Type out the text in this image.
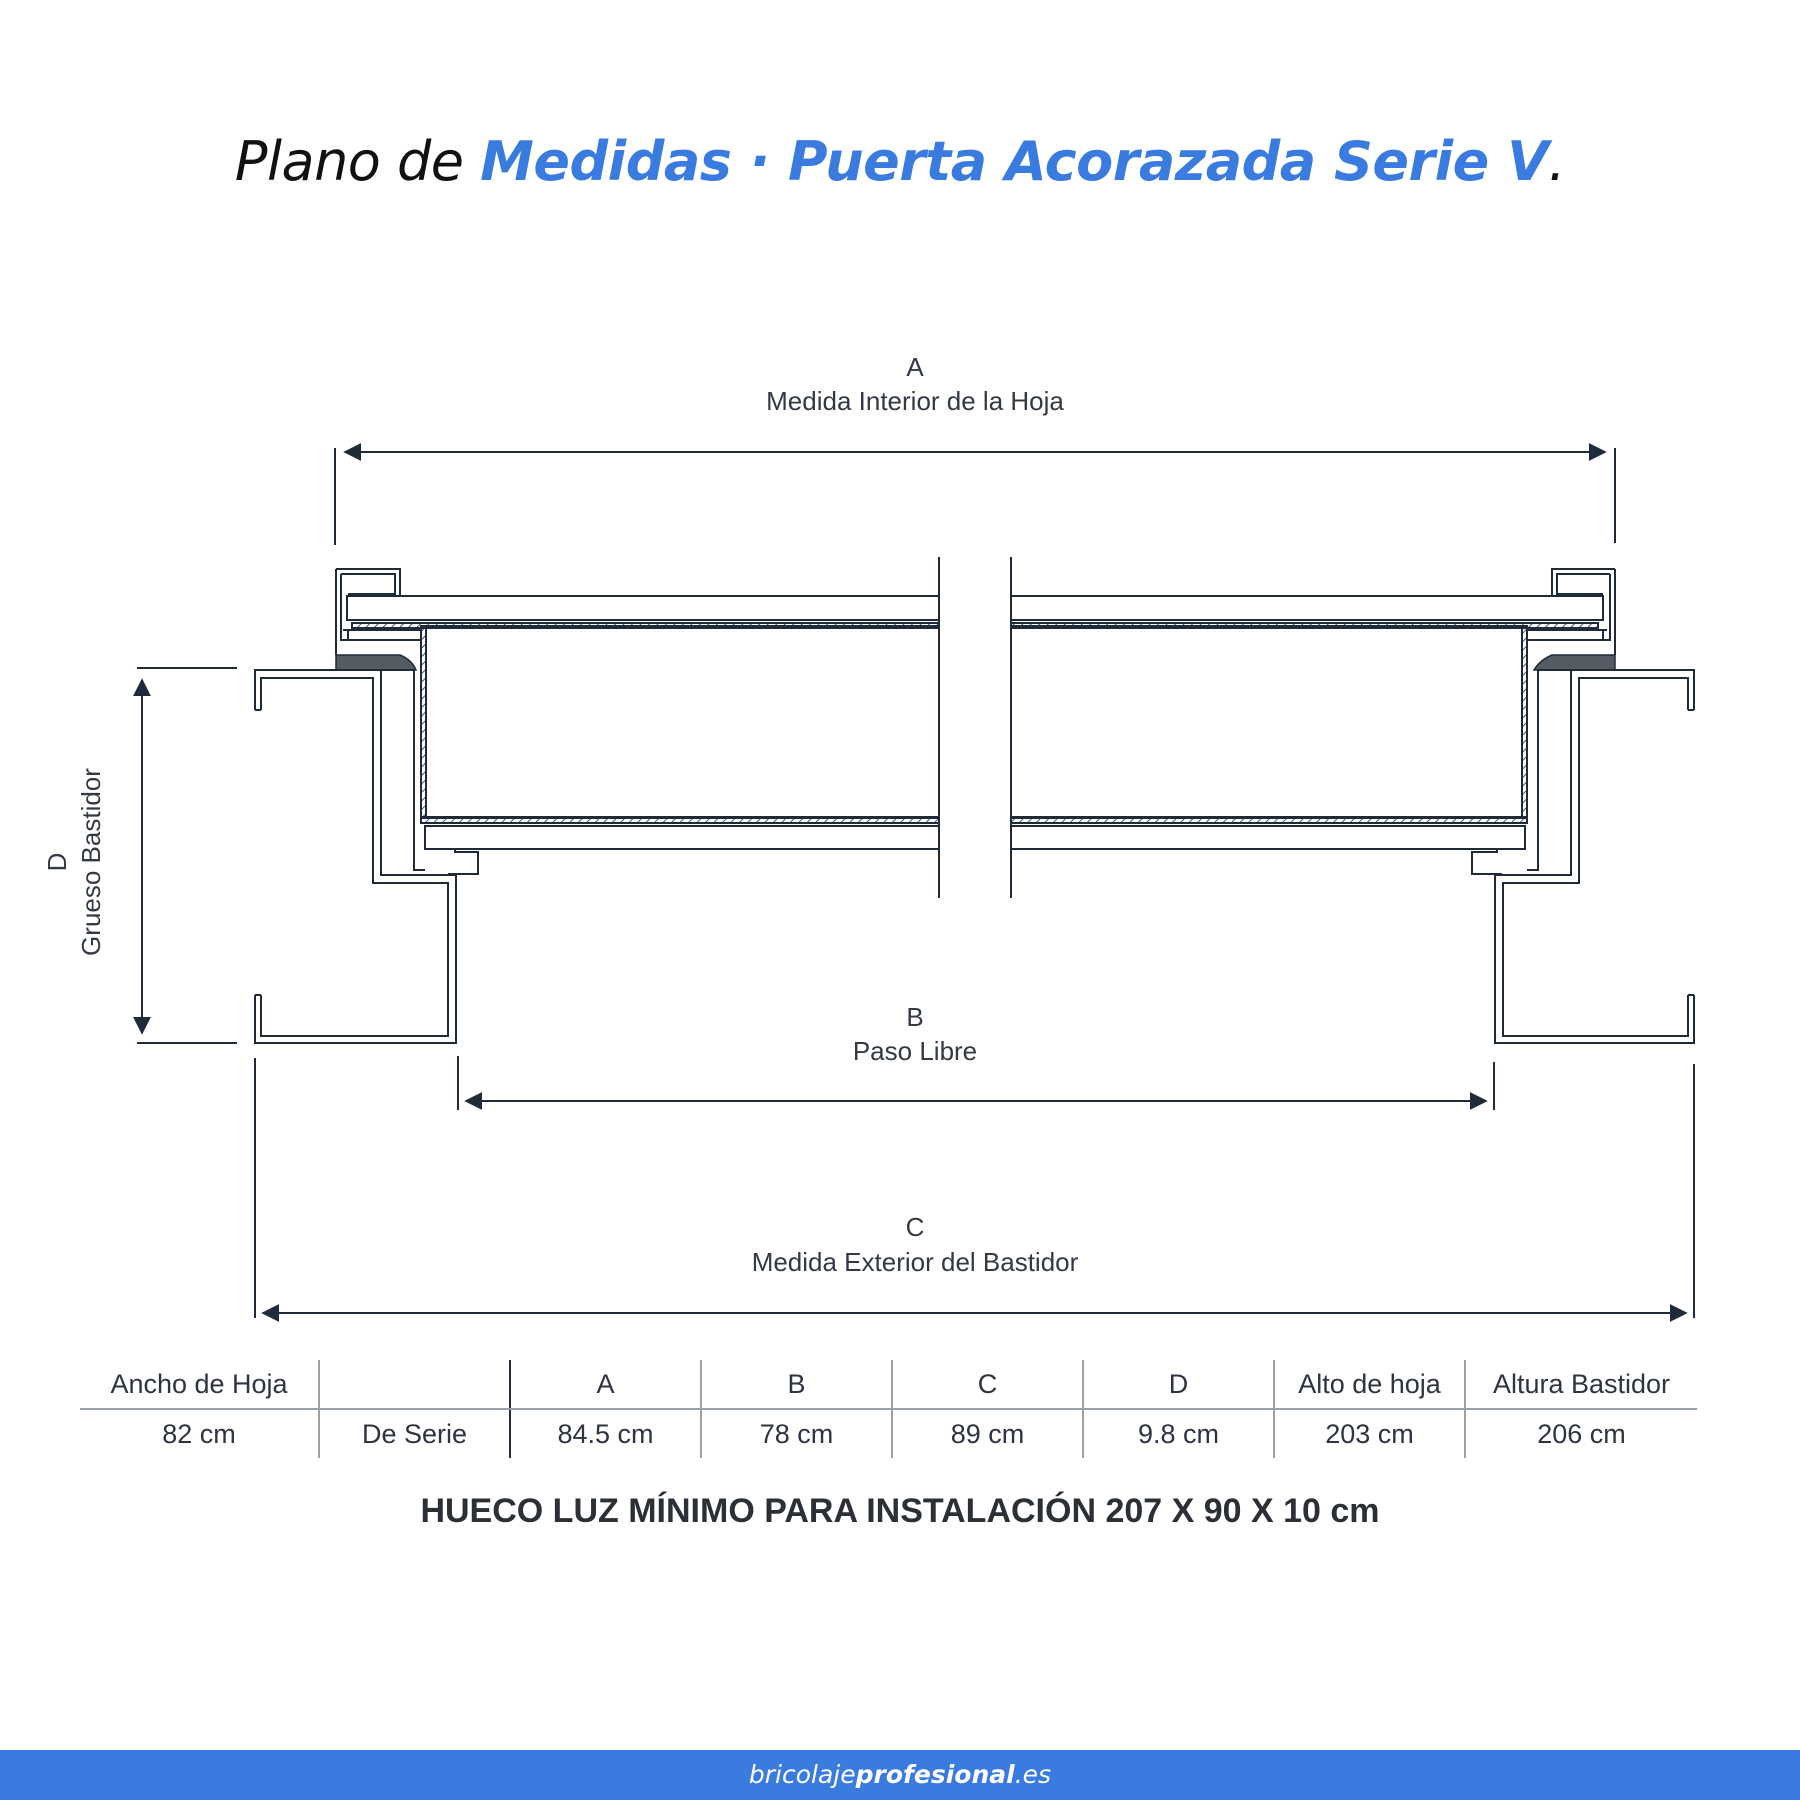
Plano de Medidas · Puerta Acorazada Serie V.
A
Medida Interior de la Hoja
D Grueso Bastidor
B
Paso Libre
C
Medida Exterior del Bastidor
Ancho de Hoja		A	B	C	D	Alto de hoja	Altura Bastidor
82 cm	De Serie	84.5 cm	78 cm	89 cm	9.8 cm	203 cm	206 cm
HUECO LUZ MÍNIMO PARA INSTALACIÓN 207 X 90 X 10 cm
bricolajeprofesional.es
